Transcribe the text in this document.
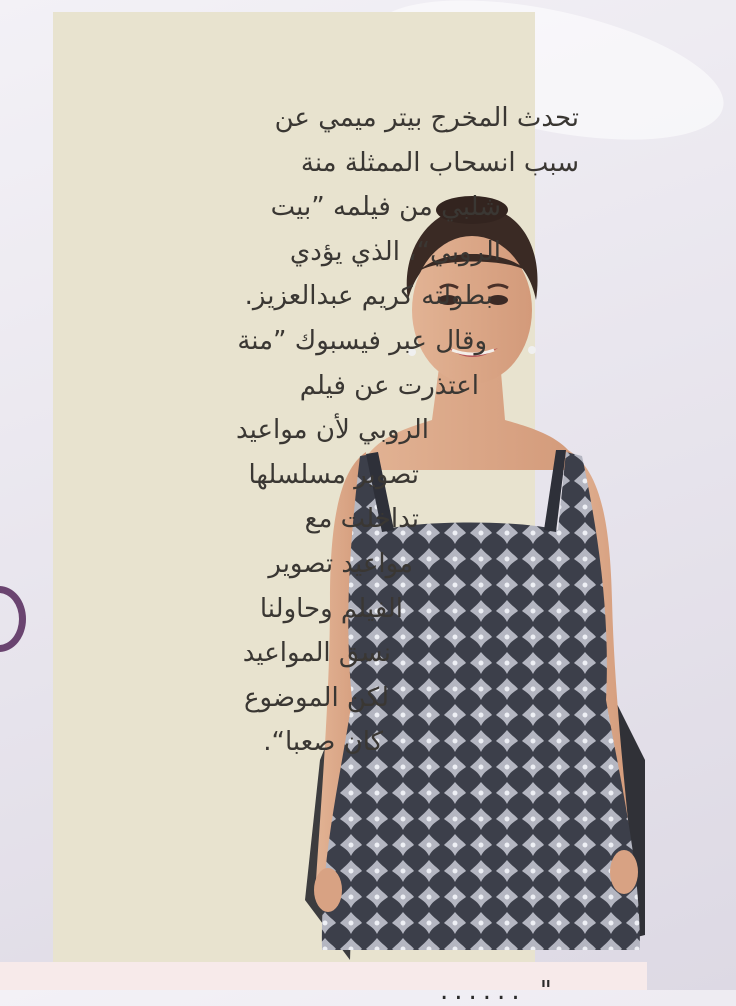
تحدث المخرج بيتر ميمي عن
سبب انسحاب الممثلة منة
شلبي من فيلمه ”بيت
الروبي“، الذي يؤدي
بطولته كريم عبدالعزيز.
وقال عبر فيسبوك ”منة
اعتذرت عن فيلم
الروبي لأن مواعيد
تصوير مسلسلها
تداخلت مع
مواعيد تصوير
الفيلم وحاولنا
نسق المواعيد
لكن الموضوع
كان صعبا“.

" ......
